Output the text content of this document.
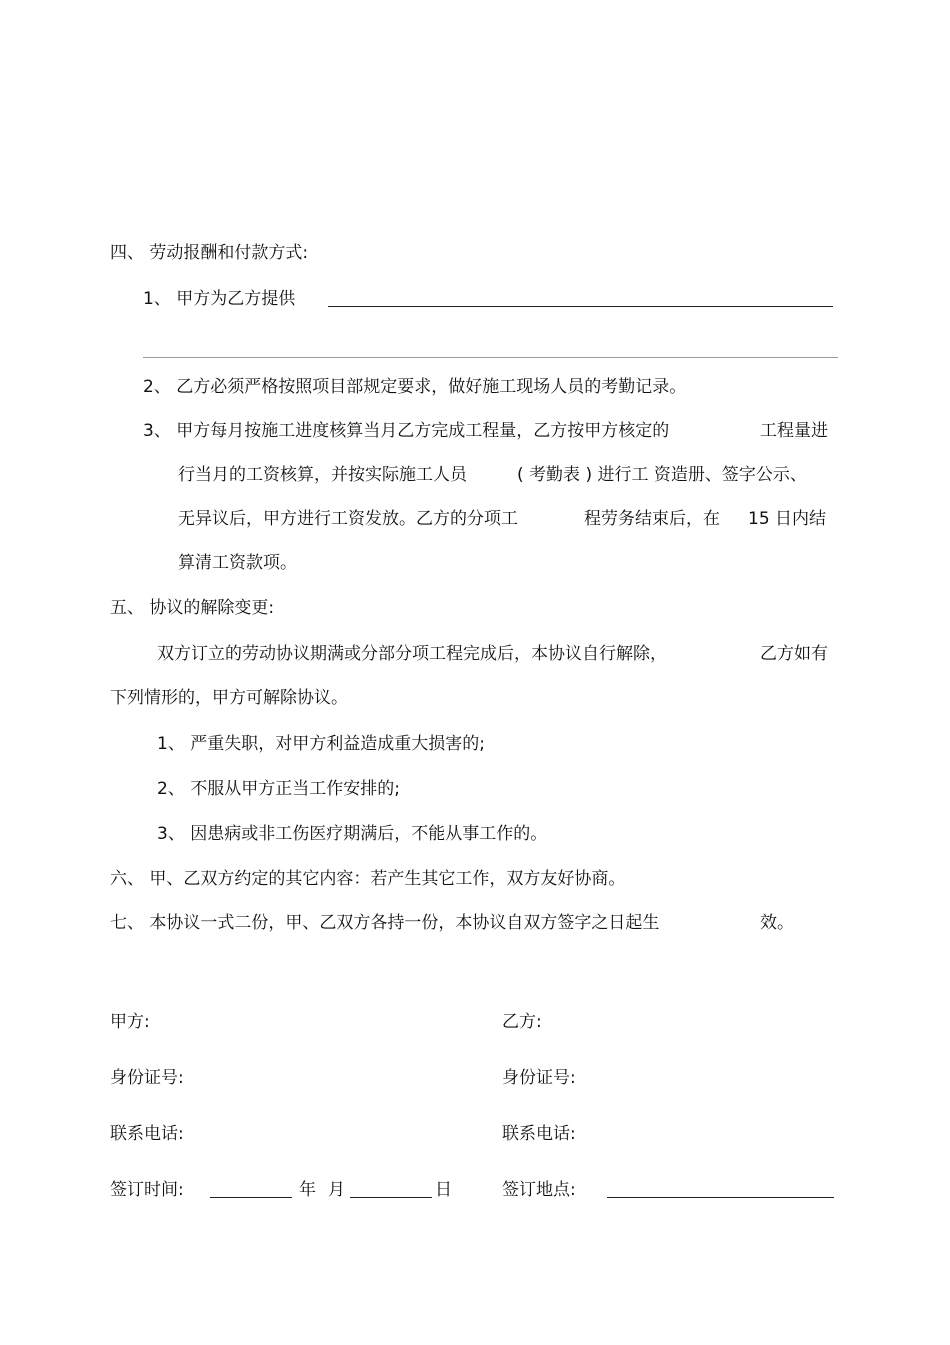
四、 劳动报酬和付款方式:
1、 甲方为乙方提供
2、 乙方必须严格按照项目部规定要求，做好施工现场人员的考勤记录。
3、 甲方每月按施工进度核算当月乙方完成工程量，乙方按甲方核定的	工程量进
行当月的工资核算，并按实际施工人员	( 考勤表 ) 进行工 资造册、签字公示、
无异议后，甲方进行工资发放。乙方的分项工	程劳务结束后，在 15 日内结
算清工资款项。
五、 协议的解除变更:
双方订立的劳动协议期满或分部分项工程完成后，本协议自行解除，	乙方如有
下列情形的，甲方可解除协议。
1、 严重失职，对甲方利益造成重大损害的;
2、 不服从甲方正当工作安排的;
3、 因患病或非工伤医疗期满后，不能从事工作的。
六、 甲、乙双方约定的其它内容：若产生其它工作，双方友好协商。
七、 本协议一式二份，甲、乙双方各持一份，本协议自双方签字之日起生	效。
甲方:	乙方:
身份证号:	身份证号:
联系电话:	联系电话:
签订时间:	年 月	日	签订地点:
